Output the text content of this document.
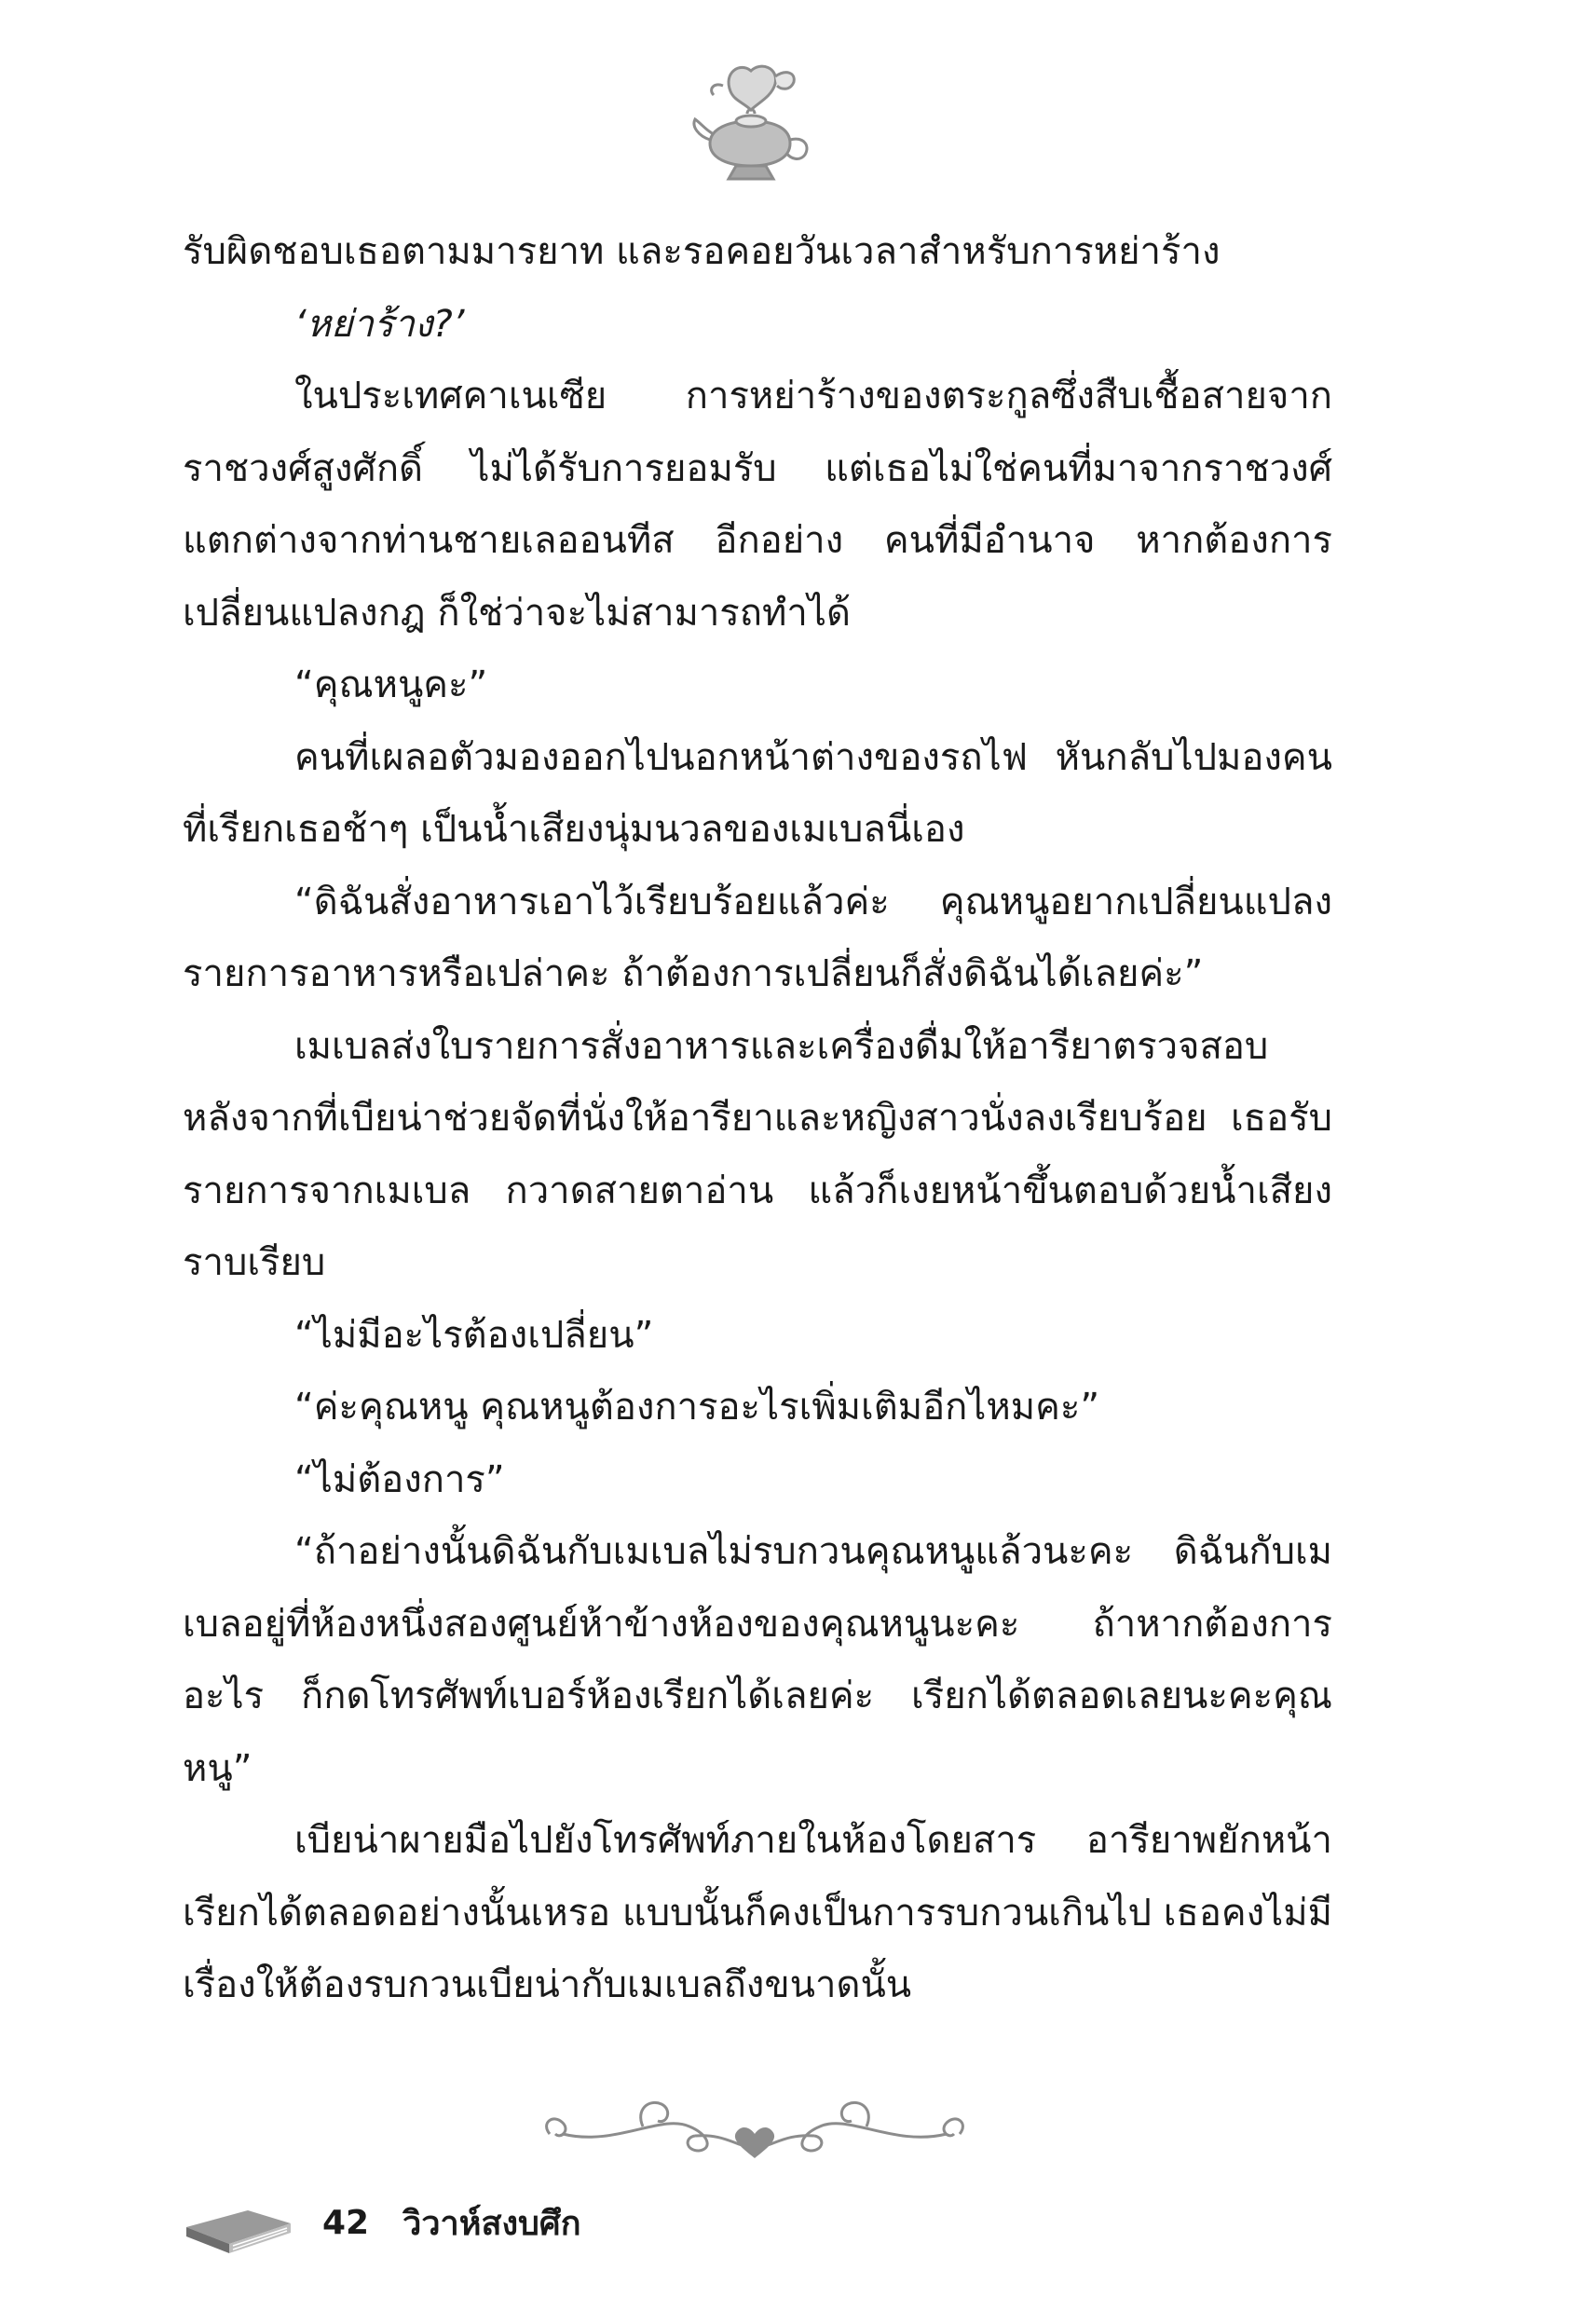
รับผิดชอบเธอตามมารยาท และรอคอยวันเวลาสำหรับการหย่าร้าง

‘หย่าร้าง?’

ในประเทศคาเนเซีย การหย่าร้างของตระกูลซึ่งสืบเชื้อสายจากราชวงศ์สูงศักดิ์ ไม่ได้รับการยอมรับ แต่เธอไม่ใช่คนที่มาจากราชวงศ์ แตกต่างจากท่านชายเลออนทีส อีกอย่าง คนที่มีอำนาจ หากต้องการเปลี่ยนแปลงกฎ ก็ใช่ว่าจะไม่สามารถทำได้

“คุณหนูคะ”

คนที่เผลอตัวมองออกไปนอกหน้าต่างของรถไฟ หันกลับไปมองคนที่เรียกเธอช้าๆ เป็นน้ำเสียงนุ่มนวลของเมเบลนี่เอง

“ดิฉันสั่งอาหารเอาไว้เรียบร้อยแล้วค่ะ คุณหนูอยากเปลี่ยนแปลงรายการอาหารหรือเปล่าคะ ถ้าต้องการเปลี่ยนก็สั่งดิฉันได้เลยค่ะ”

เมเบลส่งใบรายการสั่งอาหารและเครื่องดื่มให้อารียาตรวจสอบ หลังจากที่เบียน่าช่วยจัดที่นั่งให้อารียาและหญิงสาวนั่งลงเรียบร้อย เธอรับรายการจากเมเบล กวาดสายตาอ่าน แล้วก็เงยหน้าขึ้นตอบด้วยน้ำเสียงราบเรียบ

“ไม่มีอะไรต้องเปลี่ยน”

“ค่ะคุณหนู คุณหนูต้องการอะไรเพิ่มเติมอีกไหมคะ”

“ไม่ต้องการ”

“ถ้าอย่างนั้นดิฉันกับเมเบลไม่รบกวนคุณหนูแล้วนะคะ ดิฉันกับเมเบลอยู่ที่ห้องหนึ่งสองศูนย์ห้าข้างห้องของคุณหนูนะคะ ถ้าหากต้องการอะไร ก็กดโทรศัพท์เบอร์ห้องเรียกได้เลยค่ะ เรียกได้ตลอดเลยนะคะคุณหนู”

เบียน่าผายมือไปยังโทรศัพท์ภายในห้องโดยสาร อารียาพยักหน้า เรียกได้ตลอดอย่างนั้นเหรอ แบบนั้นก็คงเป็นการรบกวนเกินไป เธอคงไม่มีเรื่องให้ต้องรบกวนเบียน่ากับเมเบลถึงขนาดนั้น

42 วิวาห์สงบศึก
